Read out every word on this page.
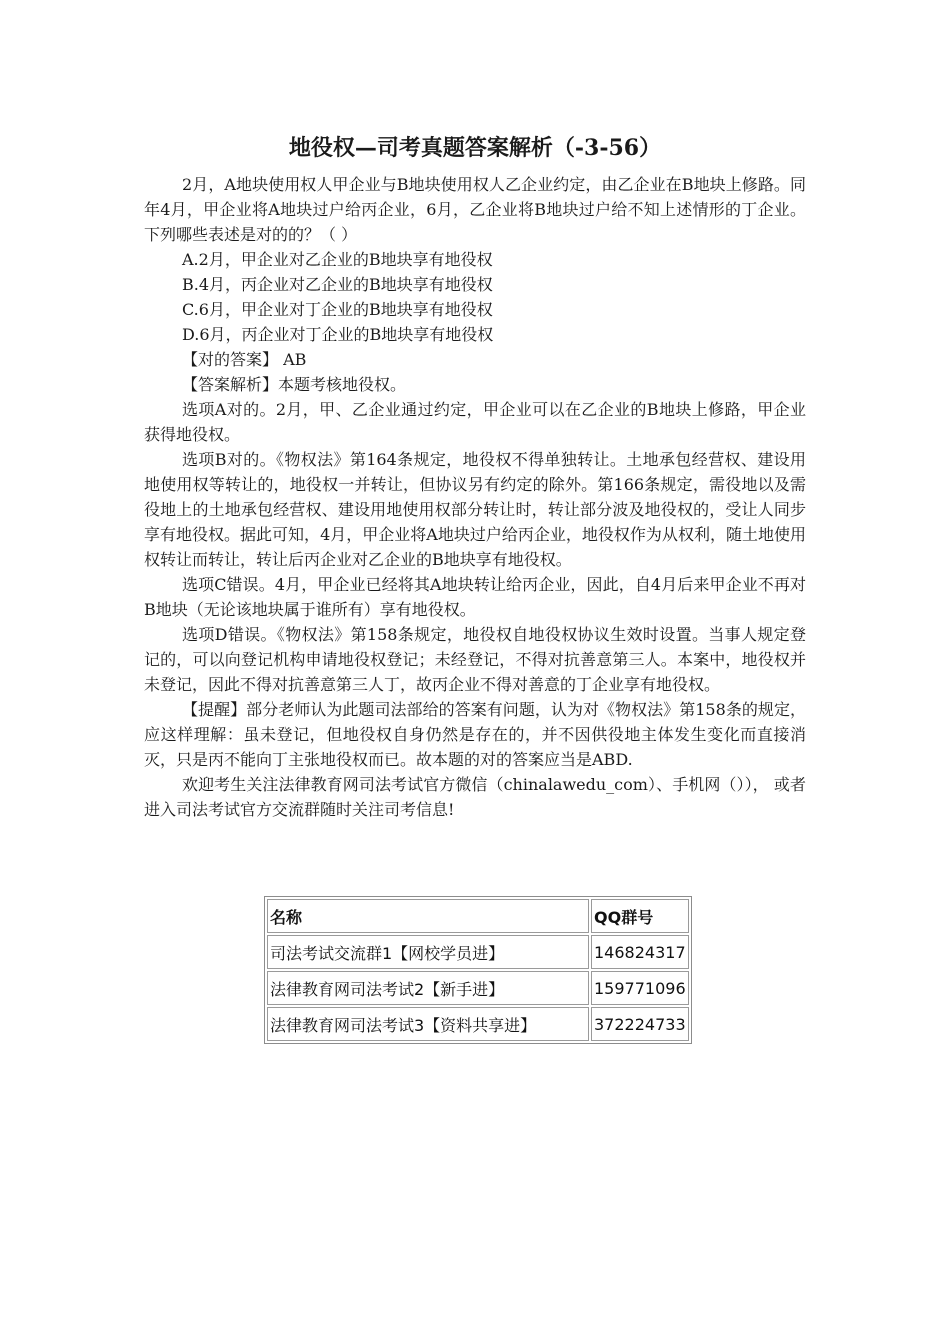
地役权—司考真题答案解析（-3-56）

2月，A地块使用权人甲企业与B地块使用权人乙企业约定，由乙企业在B地块上修路。同年4月，甲企业将A地块过户给丙企业，6月，乙企业将B地块过户给不知上述情形的丁企业。下列哪些表述是对的的？（ ）

A.2月，甲企业对乙企业的B地块享有地役权

B.4月，丙企业对乙企业的B地块享有地役权

C.6月，甲企业对丁企业的B地块享有地役权

D.6月，丙企业对丁企业的B地块享有地役权

【对的答案】 AB

【答案解析】本题考核地役权。

选项A对的。2月，甲、乙企业通过约定，甲企业可以在乙企业的B地块上修路，甲企业获得地役权。

选项B对的。《物权法》第164条规定，地役权不得单独转让。土地承包经营权、建设用地使用权等转让的，地役权一并转让，但协议另有约定的除外。第166条规定，需役地以及需役地上的土地承包经营权、建设用地使用权部分转让时，转让部分波及地役权的，受让人同步享有地役权。据此可知，4月，甲企业将A地块过户给丙企业，地役权作为从权利，随土地使用权转让而转让，转让后丙企业对乙企业的B地块享有地役权。

选项C错误。4月，甲企业已经将其A地块转让给丙企业，因此，自4月后来甲企业不再对B地块（无论该地块属于谁所有）享有地役权。

选项D错误。《物权法》第158条规定，地役权自地役权协议生效时设置。当事人规定登记的，可以向登记机构申请地役权登记；未经登记，不得对抗善意第三人。本案中，地役权并未登记，因此不得对抗善意第三人丁，故丙企业不得对善意的丁企业享有地役权。

【提醒】部分老师认为此题司法部给的答案有问题，认为对《物权法》第158条的规定，应这样理解：虽未登记，但地役权自身仍然是存在的，并不因供役地主体发生变化而直接消灭，只是丙不能向丁主张地役权而已。故本题的对的答案应当是ABD.

欢迎考生关注法律教育网司法考试官方微信（chinalawedu_com）、手机网（））， 或者进入司法考试官方交流群随时关注司考信息!

名称	QQ群号
司法考试交流群1【网校学员进】	146824317
法律教育网司法考试2【新手进】	159771096
法律教育网司法考试3【资料共享进】	372224733
